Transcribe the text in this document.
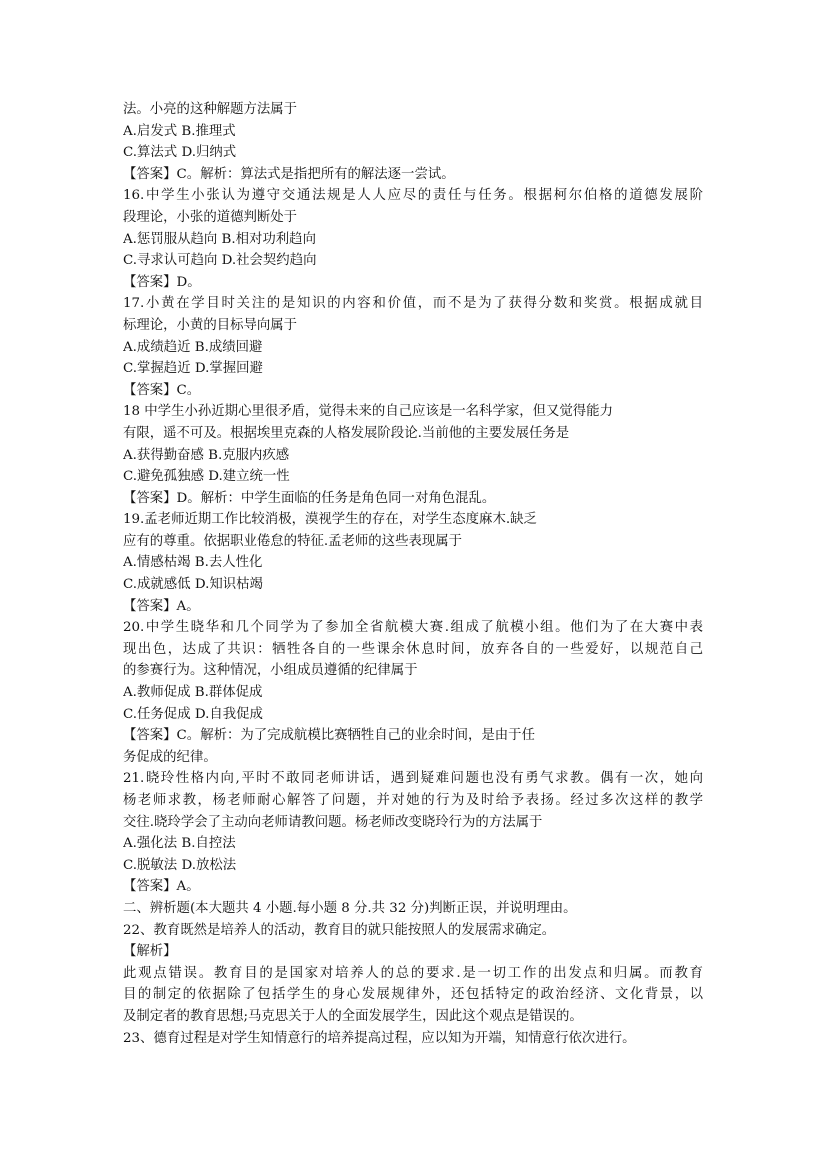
法。小亮的这种解题方法属于
A.启发式 B.推理式
C.算法式 D.归纳式
【答案】C。解析：算法式是指把所有的解法逐一尝试。
16.中学生小张认为遵守交通法规是人人应尽的责任与任务。根据柯尔伯格的道德发展阶
段理论，小张的道德判断处于
A.惩罚服从趋向 B.相对功利趋向
C.寻求认可趋向 D.社会契约趋向
【答案】D。
17.小黄在学目时关注的是知识的内容和价值，而不是为了获得分数和奖赏。根据成就目
标理论，小黄的目标导向属于
A.成绩趋近 B.成绩回避
C.掌握趋近 D.掌握回避
【答案】C。
18 中学生小孙近期心里很矛盾，觉得未来的自己应该是一名科学家，但又觉得能力
有限，遥不可及。根据埃里克森的人格发展阶段论.当前他的主要发展任务是
A.获得勤奋感 B.克服内疚感
C.避免孤独感 D.建立统一性
【答案】D。解析：中学生面临的任务是角色同一对角色混乱。
19.孟老师近期工作比较消极，漠视学生的存在，对学生态度麻木.缺乏
应有的尊重。依据职业倦怠的特征.孟老师的这些表现属于
A.情感枯竭 B.去人性化
C.成就感低 D.知识枯竭
【答案】A。
20.中学生晓华和几个同学为了参加全省航模大赛.组成了航模小组。他们为了在大赛中表
现出色，达成了共识：牺牲各自的一些课余休息时间，放弃各自的一些爱好，以规范自己
的参赛行为。这种情况，小组成员遵循的纪律属于
A.教师促成 B.群体促成
C.任务促成 D.自我促成
【答案】C。解析：为了完成航模比赛牺牲自己的业余时间，是由于任
务促成的纪律。
21.晓玲性格内向,平时不敢同老师讲话，遇到疑难问题也没有勇气求教。偶有一次，她向
杨老师求教，杨老师耐心解答了问题，并对她的行为及时给予表扬。经过多次这样的教学
交往.晓玲学会了主动向老师请教问题。杨老师改变晓玲行为的方法属于
A.强化法 B.自控法
C.脱敏法 D.放松法
【答案】A。
二、辨析题(本大题共 4 小题.每小题 8 分.共 32 分)判断正误，并说明理由。
22、教育既然是培养人的活动，教育目的就只能按照人的发展需求确定。
【解析】
此观点错误。教育目的是国家对培养人的总的要求.是一切工作的出发点和归属。而教育
目的制定的依据除了包括学生的身心发展规律外，还包括特定的政治经济、文化背景，以
及制定者的教育思想;马克思关于人的全面发展学生，因此这个观点是错误的。
23、德育过程是对学生知情意行的培养提高过程，应以知为开端，知情意行依次进行。
